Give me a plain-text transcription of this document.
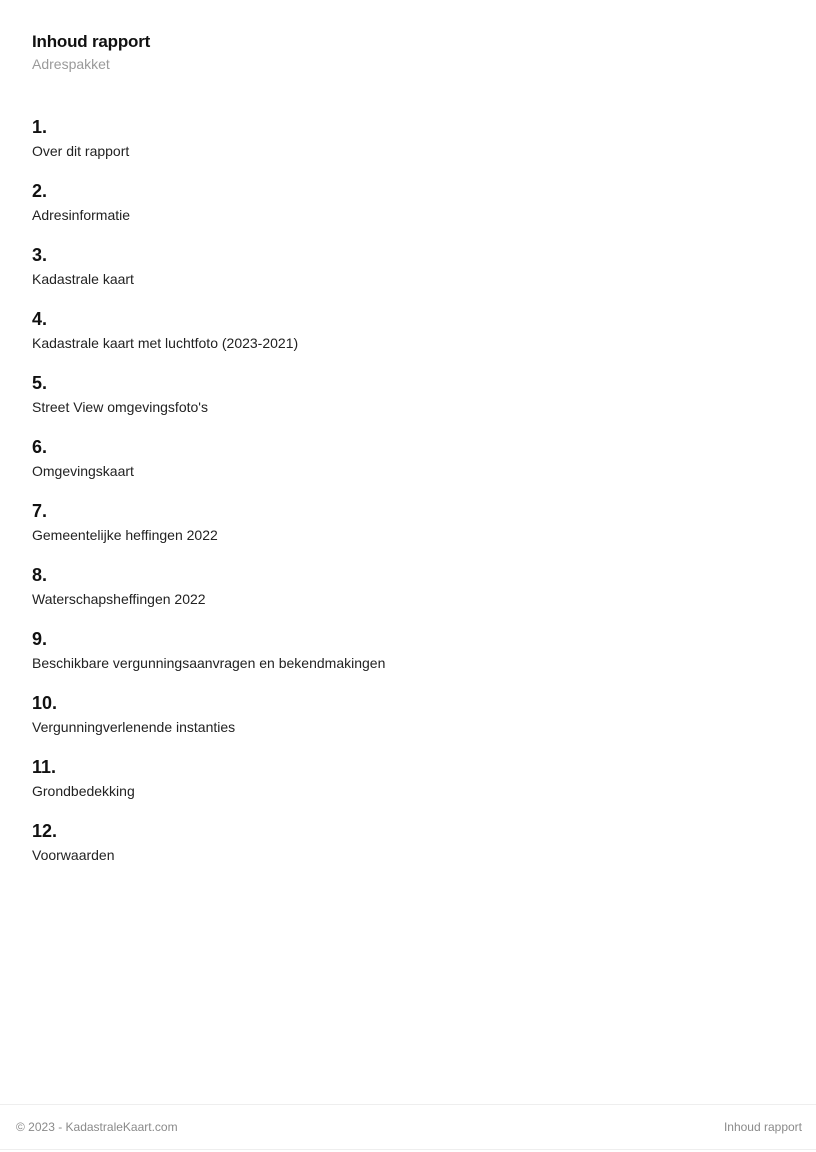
Inhoud rapport
Adrespakket
1.
Over dit rapport
2.
Adresinformatie
3.
Kadastrale kaart
4.
Kadastrale kaart met luchtfoto (2023-2021)
5.
Street View omgevingsfoto's
6.
Omgevingskaart
7.
Gemeentelijke heffingen 2022
8.
Waterschapsheffingen 2022
9.
Beschikbare vergunningsaanvragen en bekendmakingen
10.
Vergunningverlenende instanties
11.
Grondbedekking
12.
Voorwaarden
© 2023 - KadastraleKaart.com	Inhoud rapport
